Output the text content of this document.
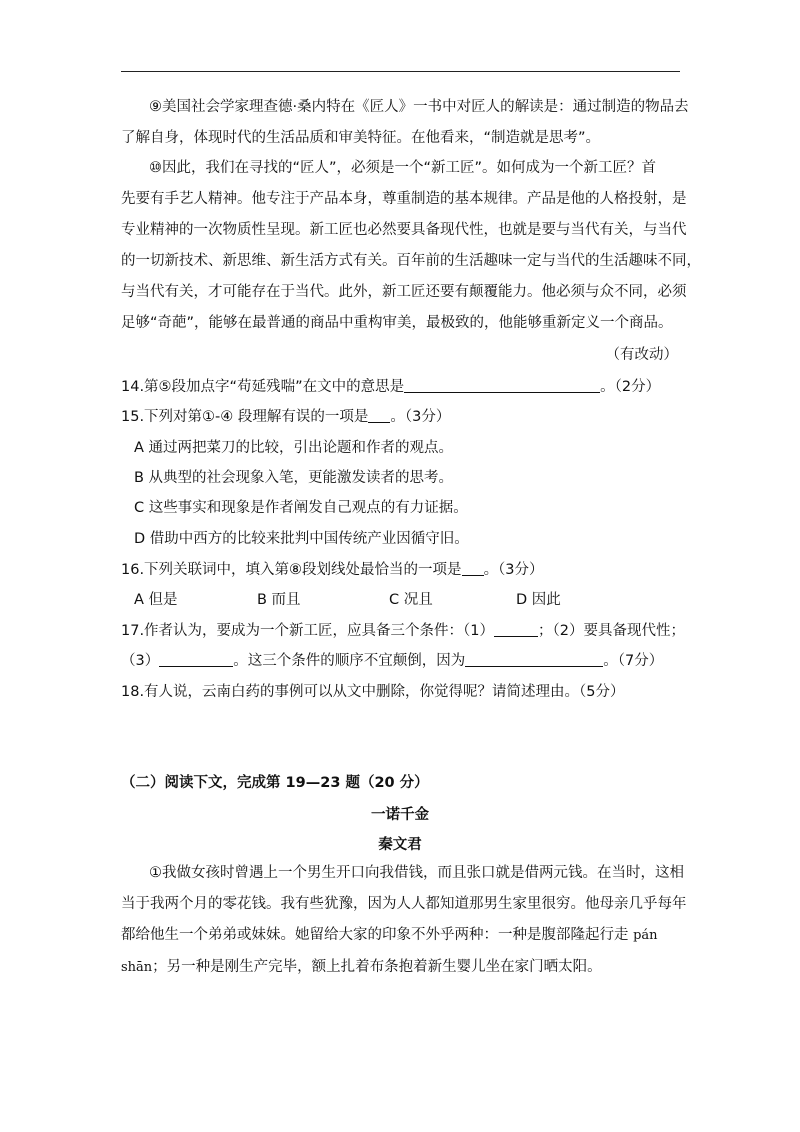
⑨美国社会学家理查德·桑内特在《匠人》一书中对匠人的解读是：通过制造的物品去
了解自身，体现时代的生活品质和审美特征。在他看来，“制造就是思考”。
⑩因此，我们在寻找的“匠人”，必须是一个“新工匠”。如何成为一个新工匠？首
先要有手艺人精神。他专注于产品本身，尊重制造的基本规律。产品是他的人格投射，是
专业精神的一次物质性呈现。新工匠也必然要具备现代性，也就是要与当代有关，与当代
的一切新技术、新思维、新生活方式有关。百年前的生活趣味一定与当代的生活趣味不同，
与当代有关，才可能存在于当代。此外，新工匠还要有颠覆能力。他必须与众不同，必须
足够“奇葩”，能够在最普通的商品中重构审美，最极致的，他能够重新定义一个商品。
（有改动）
14.第⑤段加点字“苟延残喘”在文中的意思是	。（2分）
15.下列对第①-④ 段理解有误的一项是 。（3分）
A 通过两把菜刀的比较，引出论题和作者的观点。
B 从典型的社会现象入笔，更能激发读者的思考。
C 这些事实和现象是作者阐发自己观点的有力证据。
D 借助中西方的比较来批判中国传统产业因循守旧。
16.下列关联词中，填入第⑧段划线处最恰当的一项是 。（3分）
A 但是	B 而且	C 况且	D 因此
17.作者认为，要成为一个新工匠，应具备三个条件：（1）	；（2）要具备现代性；
（3）	。这三个条件的顺序不宜颠倒，因为	。（7分）
18.有人说，云南白药的事例可以从文中删除，你觉得呢？请简述理由。（5分）
（二）阅读下文，完成第 19—23 题（20 分）
一诺千金
秦文君
①我做女孩时曾遇上一个男生开口向我借钱，而且张口就是借两元钱。在当时，这相
当于我两个月的零花钱。我有些犹豫，因为人人都知道那男生家里很穷。他母亲几乎每年
都给他生一个弟弟或妹妹。她留给大家的印象不外乎两种：一种是腹部隆起行走 pán
shān；另一种是刚生产完毕，额上扎着布条抱着新生婴儿坐在家门晒太阳。
